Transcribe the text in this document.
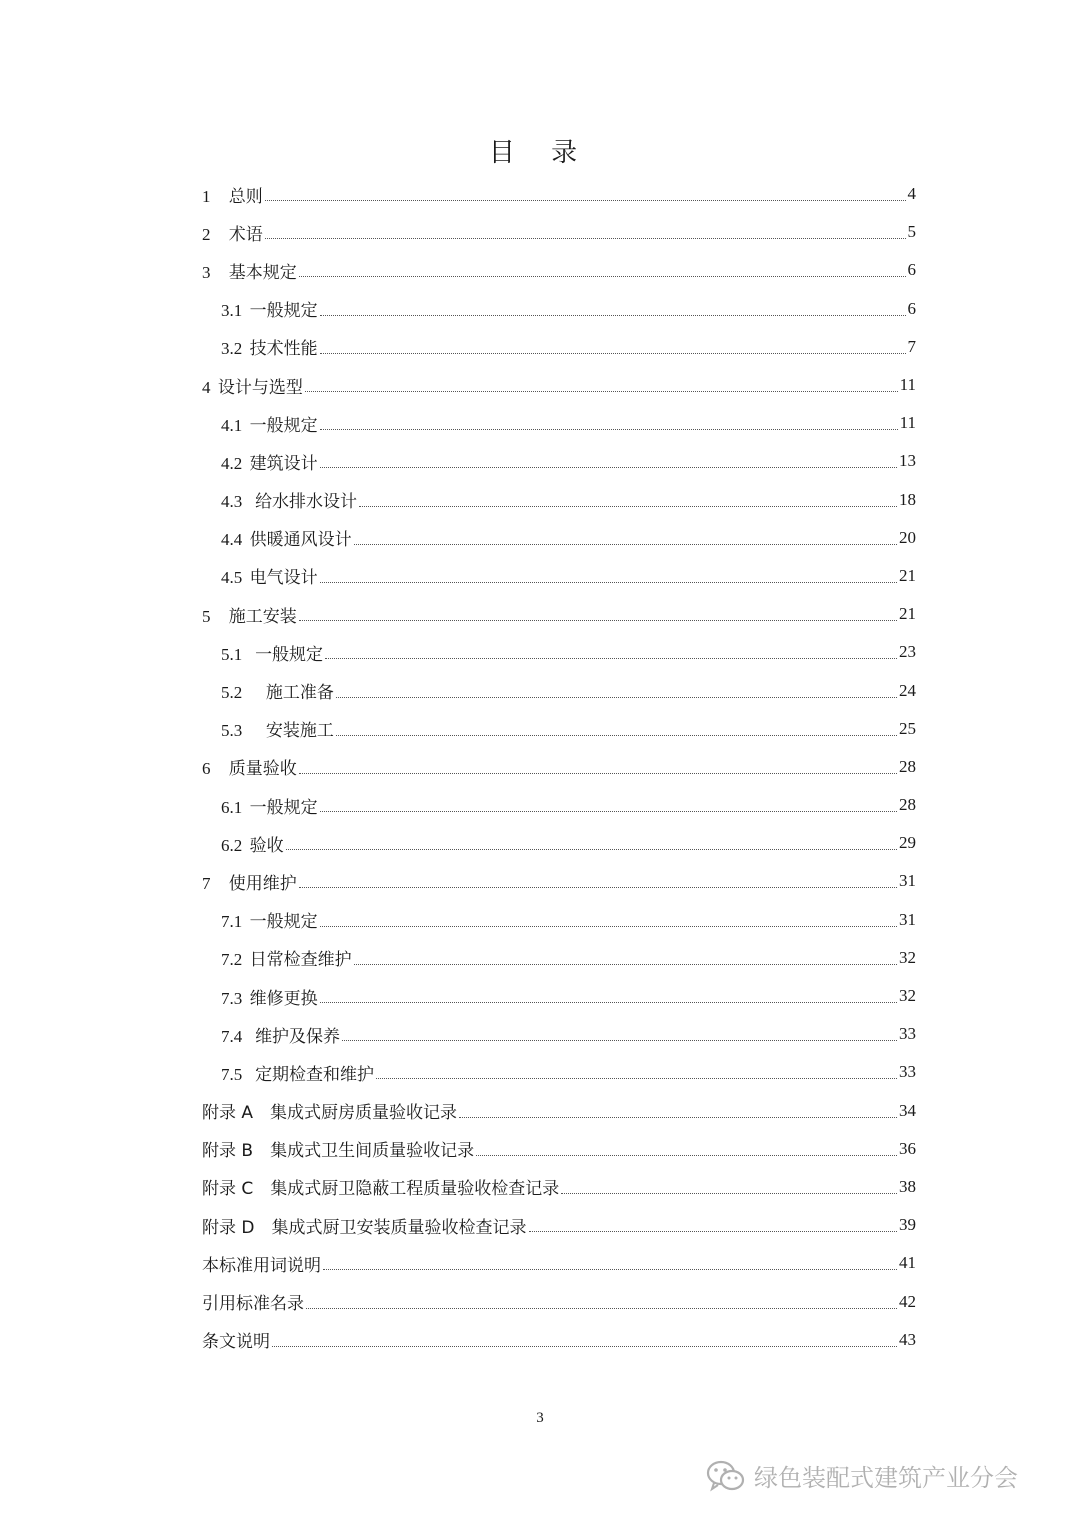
目 录
1 总则	4
2 术语	5
3 基本规定	6
3.1 一般规定	6
3.2 技术性能	7
4 设计与选型	11
4.1 一般规定	11
4.2 建筑设计	13
4.3 给水排水设计	18
4.4 供暖通风设计	20
4.5 电气设计	21
5 施工安装	21
5.1 一般规定	23
5.2 施工准备	24
5.3 安装施工	25
6 质量验收	28
6.1 一般规定	28
6.2 验收	29
7 使用维护	31
7.1 一般规定	31
7.2 日常检查维护	32
7.3 维修更换	32
7.4 维护及保养	33
7.5 定期检查和维护	33
附录 A　集成式厨房质量验收记录	34
附录 B　集成式卫生间质量验收记录	36
附录 C　集成式厨卫隐蔽工程质量验收检查记录	38
附录 D　集成式厨卫安装质量验收检查记录	39
本标准用词说明	41
引用标准名录	42
条文说明	43
3
绿色装配式建筑产业分会
